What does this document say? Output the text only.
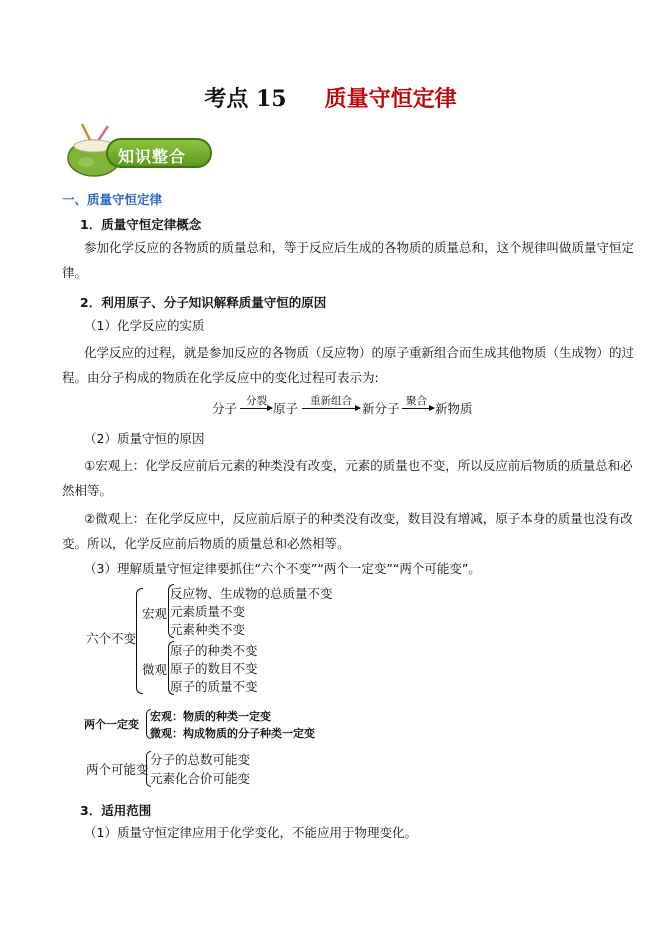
考点 15 质量守恒定律
知识整合
一、质量守恒定律
1．质量守恒定律概念
参加化学反应的各物质的质量总和，等于反应后生成的各物质的质量总和，这个规律叫做质量守恒定
律。
2．利用原子、分子知识解释质量守恒的原因
（1）化学反应的实质
化学反应的过程，就是参加反应的各物质（反应物）的原子重新组合而生成其他物质（生成物）的过
程。由分子构成的物质在化学反应中的变化过程可表示为:
分子 分裂 原子 重新组合 新分子 聚合 新物质
（2）质量守恒的原因
①宏观上：化学反应前后元素的种类没有改变，元素的质量也不变，所以反应前后物质的质量总和必
然相等。
②微观上：在化学反应中，反应前后原子的种类没有改变，数目没有增减，原子本身的质量也没有改
变。所以，化学反应前后物质的质量总和必然相等。
（3）理解质量守恒定律要抓住“六个不变”“两个一定变”“两个可能变”。
六个不变
宏观
反应物、生成物的总质量不变
元素质量不变
元素种类不变
微观
原子的种类不变
原子的数目不变
原子的质量不变
两个一定变
宏观：物质的种类一定变
微观：构成物质的分子种类一定变
两个可能变
分子的总数可能变
元素化合价可能变
3．适用范围
（1）质量守恒定律应用于化学变化，不能应用于物理变化。
